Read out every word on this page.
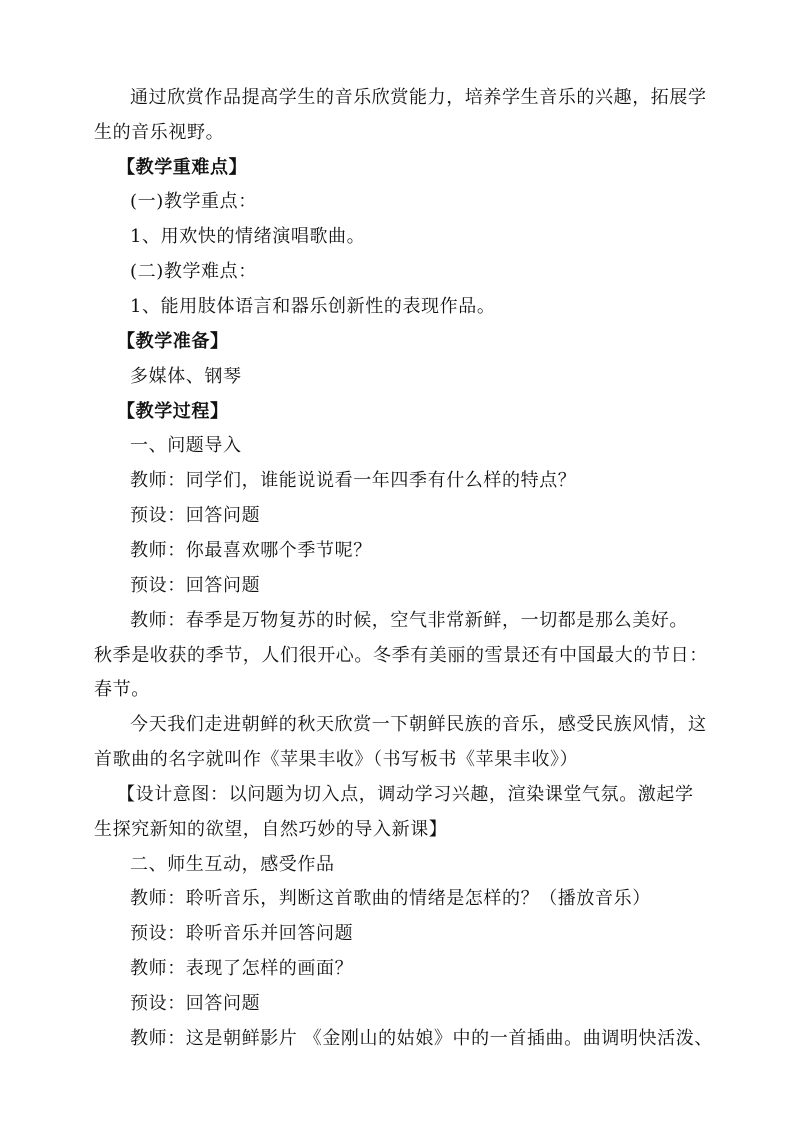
通过欣赏作品提高学生的音乐欣赏能力，培养学生音乐的兴趣，拓展学
生的音乐视野。
【教学重难点】
(一)教学重点：
1、用欢快的情绪演唱歌曲。
(二)教学难点：
1、能用肢体语言和器乐创新性的表现作品。
【教学准备】
多媒体、钢琴
【教学过程】
一、问题导入
教师：同学们，谁能说说看一年四季有什么样的特点？
预设：回答问题
教师：你最喜欢哪个季节呢？
预设：回答问题
教师：春季是万物复苏的时候，空气非常新鲜，一切都是那么美好。
秋季是收获的季节，人们很开心。冬季有美丽的雪景还有中国最大的节日：
春节。
今天我们走进朝鲜的秋天欣赏一下朝鲜民族的音乐，感受民族风情，这
首歌曲的名字就叫作《苹果丰收》（书写板书《苹果丰收》）
【设计意图：以问题为切入点，调动学习兴趣，渲染课堂气氛。激起学
生探究新知的欲望，自然巧妙的导入新课】
二、师生互动，感受作品
教师：聆听音乐，判断这首歌曲的情绪是怎样的？（播放音乐）
预设：聆听音乐并回答问题
教师：表现了怎样的画面？
预设：回答问题
教师：这是朝鲜影片 《金刚山的姑娘》中的一首插曲。曲调明快活泼、
